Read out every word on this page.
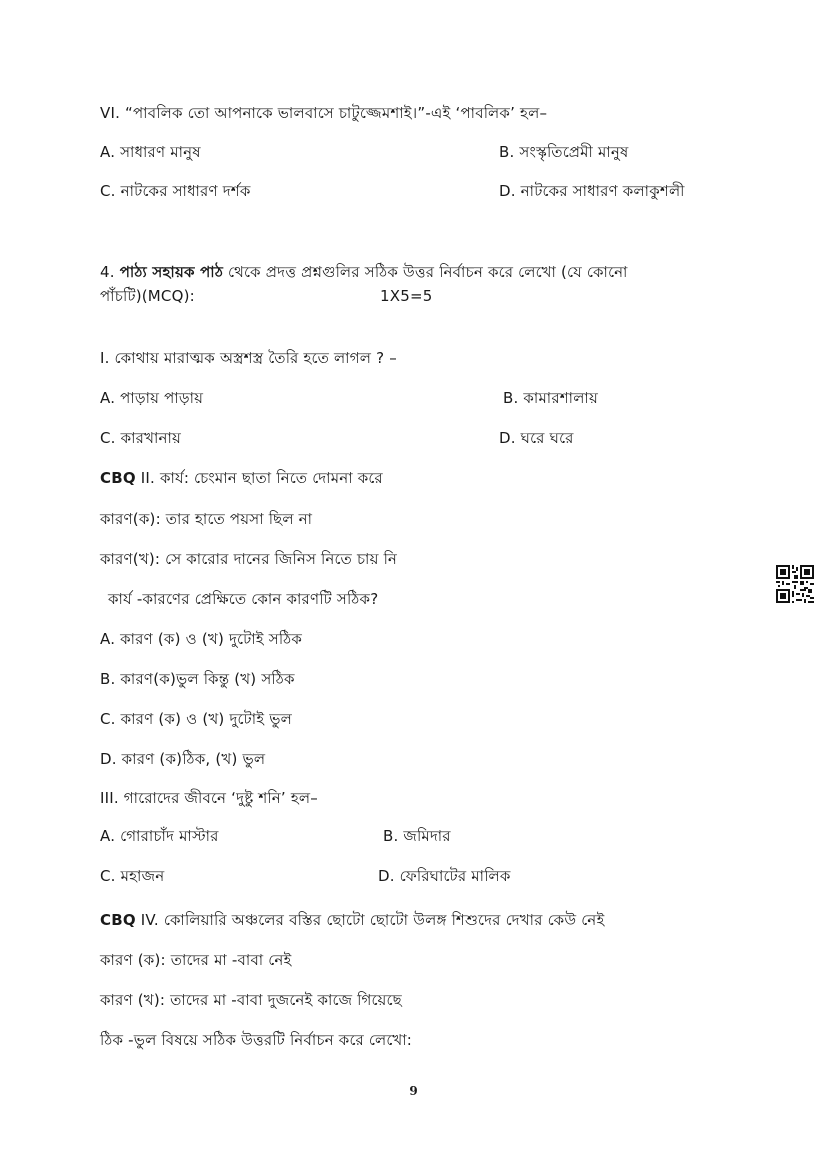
VI. “পাবলিক তো আপনাকে ভালবাসে চাটুজ্জেমশাই।”-এই ‘পাবলিক’ হল–
A. সাধারণ মানুষ	B. সংস্কৃতিপ্রেমী মানুষ
C. নাটকের সাধারণ দর্শক	D. নাটকের সাধারণ কলাকুশলী
4. পাঠ্য সহায়ক পাঠ থেকে প্রদত্ত প্রশ্নগুলির সঠিক উত্তর নির্বাচন করে লেখো (যে কোনো
পাঁচটি)(MCQ):	1X5=5
I. কোথায় মারাত্মক অস্ত্রশস্ত্র তৈরি হতে লাগল ? –
A. পাড়ায় পাড়ায়	B. কামারশালায়
C. কারখানায়	D. ঘরে ঘরে
CBQ II. কার্য: চেংমান ছাতা নিতে দোমনা করে
কারণ(ক): তার হাতে পয়সা ছিল না
কারণ(খ): সে কারোর দানের জিনিস নিতে চায় নি
কার্য -কারণের প্রেক্ষিতে কোন কারণটি সঠিক?
A. কারণ (ক) ও (খ) দুটোই সঠিক
B. কারণ(ক)ভুল কিন্তু (খ) সঠিক
C. কারণ (ক) ও (খ) দুটোই ভুল
D. কারণ (ক)ঠিক, (খ) ভুল
III. গারোদের জীবনে ‘দুষ্টু শনি’ হল–
A. গোরাচাঁদ মাস্টার	B. জমিদার
C. মহাজন	D. ফেরিঘাটের মালিক
CBQ IV. কোলিয়ারি অঞ্চলের বস্তির ছোটো ছোটো উলঙ্গ শিশুদের দেখার কেউ নেই
কারণ (ক): তাদের মা -বাবা নেই
কারণ (খ): তাদের মা -বাবা দুজনেই কাজে গিয়েছে
ঠিক -ভুল বিষয়ে সঠিক উত্তরটি নির্বাচন করে লেখো:
9
